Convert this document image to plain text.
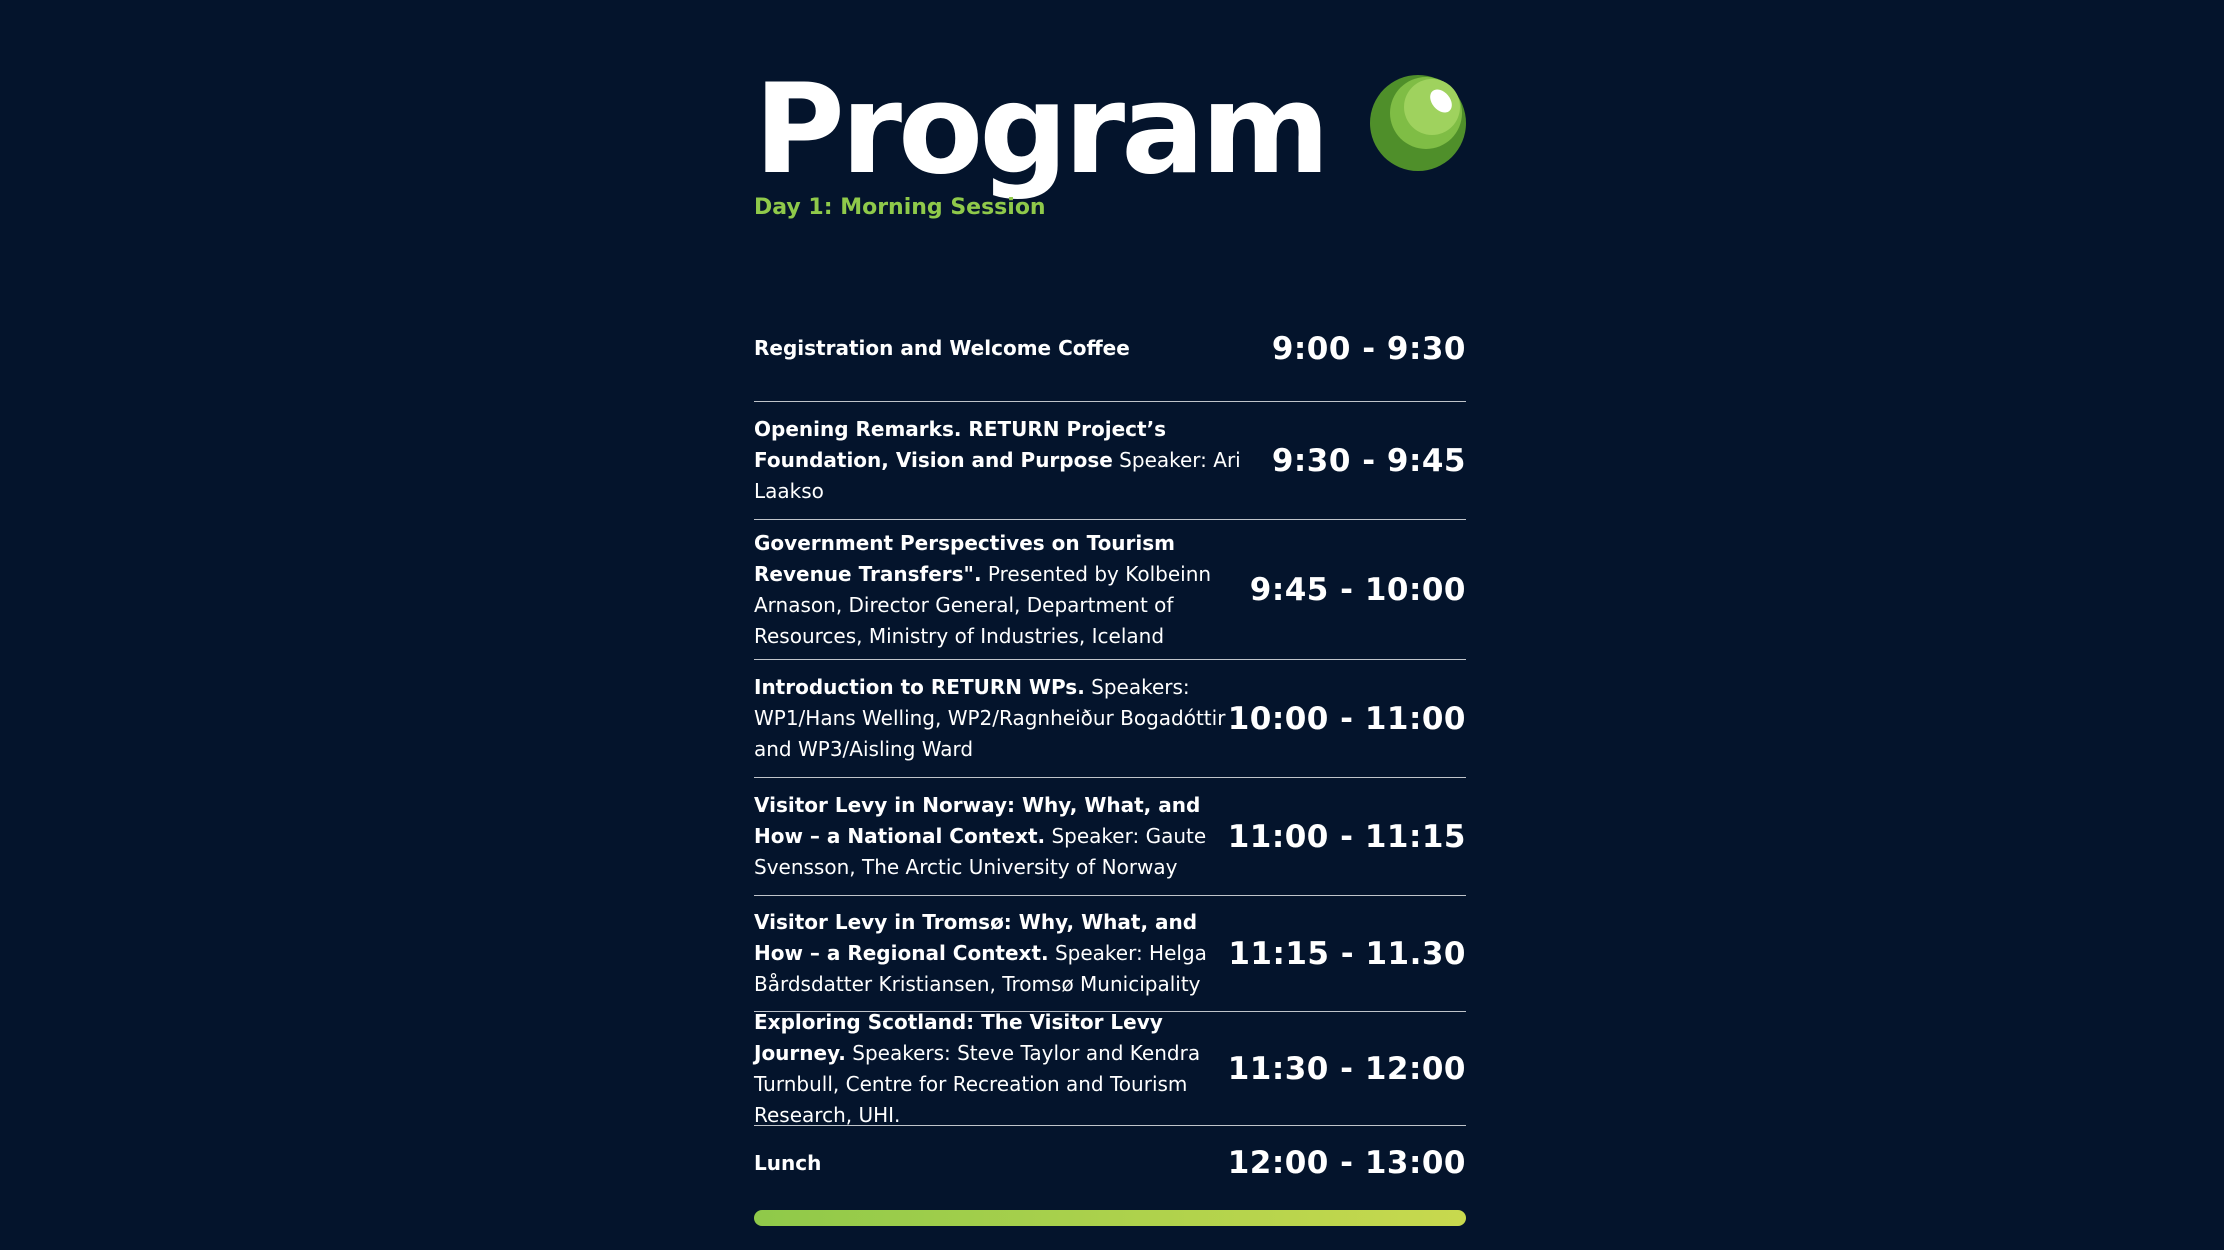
Program
Day 1: Morning Session
Registration and Welcome Coffee	9:00 - 9:30
Opening Remarks. RETURN Project’s Foundation, Vision and Purpose Speaker: Ari Laakso
9:30 - 9:45
Government Perspectives on Tourism Revenue Transfers". Presented by Kolbeinn Arnason, Director General, Department of Resources, Ministry of Industries, Iceland
9:45 - 10:00
Introduction to RETURN WPs. Speakers: WP1/Hans Welling, WP2/Ragnheiður Bogadóttir and WP3/Aisling Ward
10:00 - 11:00
Visitor Levy in Norway: Why, What, and How – a National Context. Speaker: Gaute Svensson, The Arctic University of Norway
11:00 - 11:15
Visitor Levy in Tromsø: Why, What, and How – a Regional Context. Speaker: Helga Bårdsdatter Kristiansen, Tromsø Municipality
11:15 - 11.30
Exploring Scotland: The Visitor Levy Journey. Speakers: Steve Taylor and Kendra Turnbull, Centre for Recreation and Tourism Research, UHI.
11:30 - 12:00
Lunch	12:00 - 13:00
